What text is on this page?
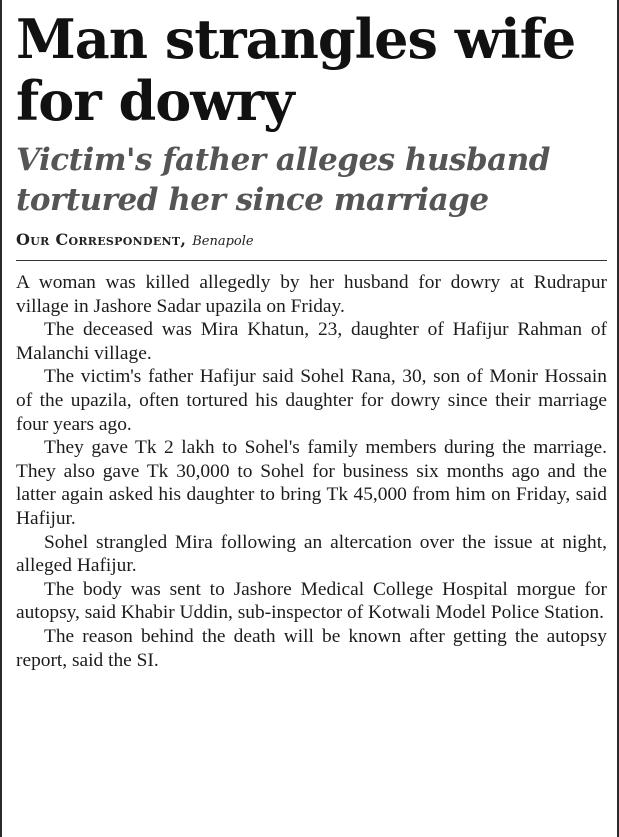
Man strangles wife for dowry
Victim's father alleges husband tortured her since marriage
Our Correspondent, Benapole

A woman was killed allegedly by her husband for dowry at Rudrapur village in Jashore Sadar upazila on Friday.

The deceased was Mira Khatun, 23, daughter of Hafijur Rahman of Malanchi village.

The victim's father Hafijur said Sohel Rana, 30, son of Monir Hossain of the upazila, often tortured his daughter for dowry since their marriage four years ago.

They gave Tk 2 lakh to Sohel's family members during the marriage. They also gave Tk 30,000 to Sohel for business six months ago and the latter again asked his daughter to bring Tk 45,000 from him on Friday, said Hafijur.

Sohel strangled Mira following an altercation over the issue at night, alleged Hafijur.

The body was sent to Jashore Medical College Hospital morgue for autopsy, said Khabir Uddin, sub-inspector of Kotwali Model Police Station.

The reason behind the death will be known after getting the autopsy report, said the SI.
